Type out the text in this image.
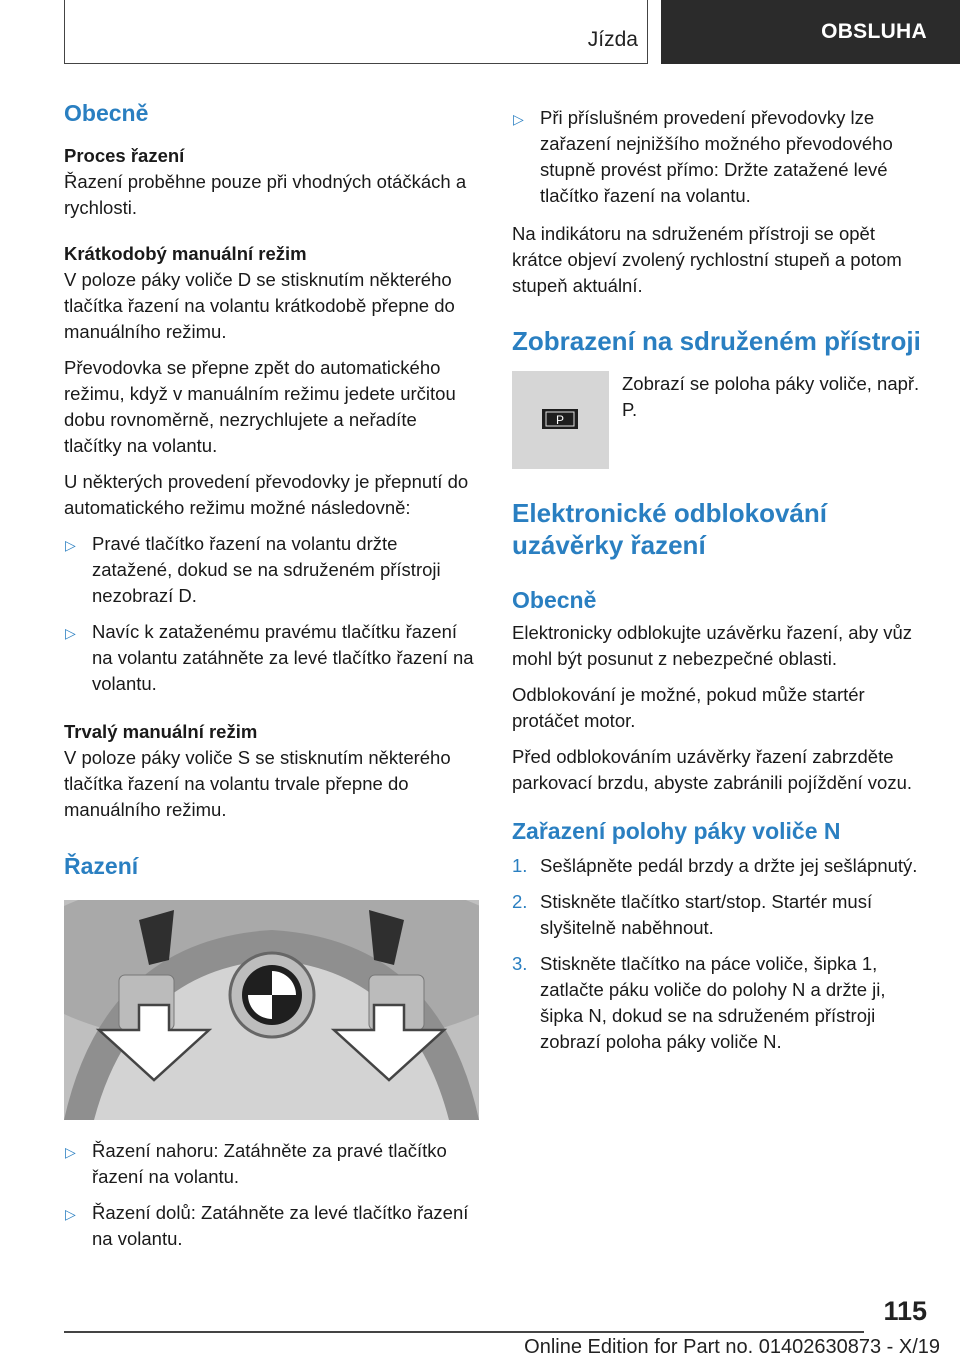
Jízda	OBSLUHA
Obecně
Proces řazení

Řazení proběhne pouze při vhodných otáčkách a rychlosti.

Krátkodobý manuální režim

V poloze páky voliče D se stisknutím některého tlačítka řazení na volantu krátkodobě přepne do manuálního režimu.

Převodovka se přepne zpět do automatického režimu, když v manuálním režimu jedete určitou dobu rovnoměrně, nezrychlujete a neřadíte tlačítky na volantu.

U některých provedení převodovky je přepnutí do automatického režimu možné následovně:

▷ Pravé tlačítko řazení na volantu držte zatažené, dokud se na sdruženém přístroji nezobrazí D.
▷ Navíc k zataženému pravému tlačítku řazení na volantu zatáhněte za levé tlačítko řazení na volantu.
Trvalý manuální režim

V poloze páky voliče S se stisknutím některého tlačítka řazení na volantu trvale přepne do manuálního režimu.

Řazení
▷ Řazení nahoru: Zatáhněte za pravé tlačítko řazení na volantu.
▷ Řazení dolů: Zatáhněte za levé tlačítko řazení na volantu.
▷ Při příslušném provedení převodovky lze zařazení nejnižšího možného převodového stupně provést přímo: Držte zatažené levé tlačítko řazení na volantu.

Na indikátoru na sdruženém přístroji se opět krátce objeví zvolený rychlostní stupeň a potom stupeň aktuální.

Zobrazení na sdruženém přístroji
P

Zobrazí se poloha páky voliče, např. P.

Elektronické odblokování uzávěrky řazení
Obecně

Elektronicky odblokujte uzávěrku řazení, aby vůz mohl být posunut z nebezpečné oblasti.

Odblokování je možné, pokud může startér protáčet motor.

Před odblokováním uzávěrky řazení zabrzděte parkovací brzdu, abyste zabránili pojíždění vozu.

Zařazení polohy páky voliče N
1. Sešlápněte pedál brzdy a držte jej sešlápnutý.
2. Stiskněte tlačítko start/stop. Startér musí slyšitelně naběhnout.
3. Stiskněte tlačítko na páce voliče, šipka 1, zatlačte páku voliče do polohy N a držte ji, šipka N, dokud se na sdruženém přístroji zobrazí poloha páky voliče N.
115
Online Edition for Part no. 01402630873 - X/19
